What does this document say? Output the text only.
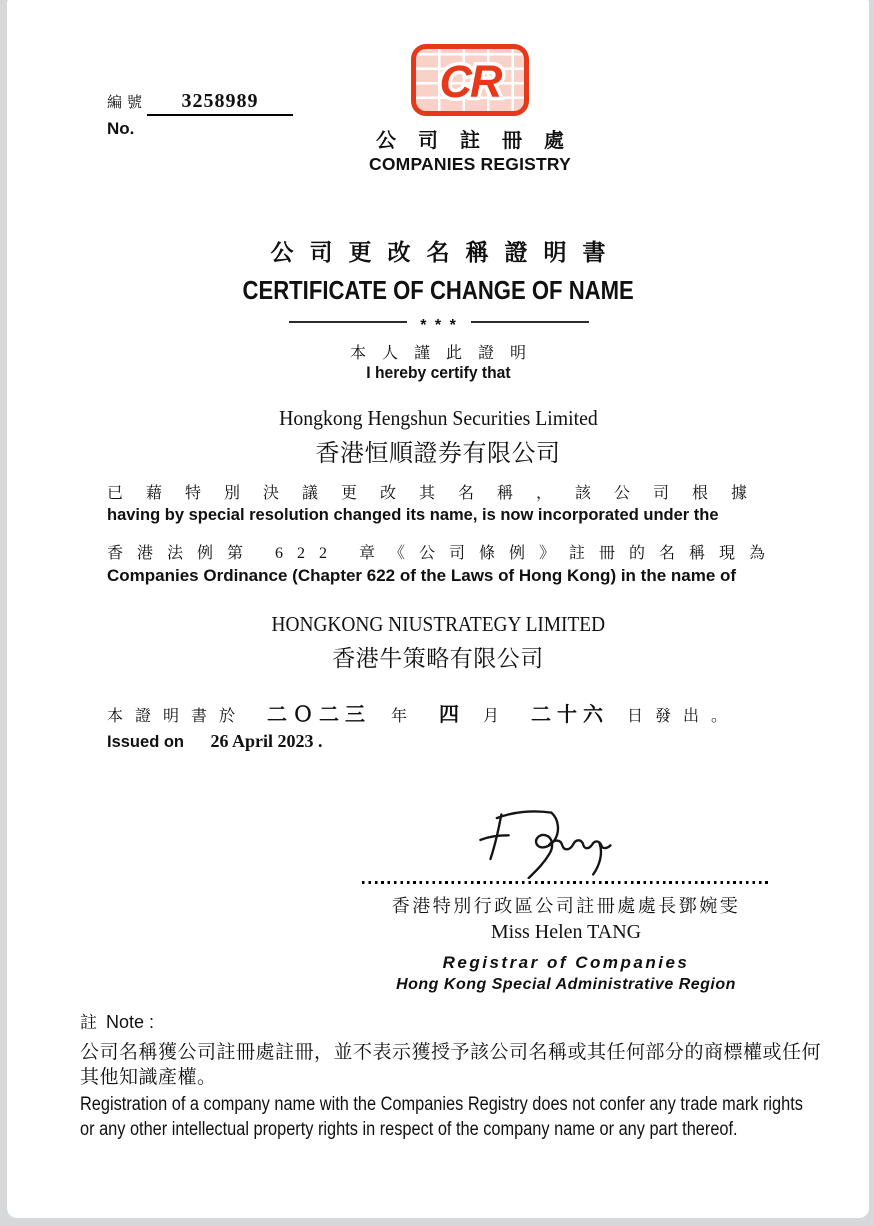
編號	3258989
No.
CR
公司註冊處
COMPANIES REGISTRY
公司更改名稱證明書
CERTIFICATE OF CHANGE OF NAME
* * *
本人謹此證明
I hereby certify that
Hongkong Hengshun Securities Limited
香港恒順證券有限公司
已藉特別決議更改其名稱，該公司根據
having by special resolution changed its name, is now incorporated under the
香港法例第 622 章《公司條例》註冊的名稱現為
Companies Ordinance (Chapter 622 of the Laws of Hong Kong) in the name of
HONGKONG NIUSTRATEGY LIMITED
香港牛策略有限公司
本證明書於 二Ｏ二三 年 四 月 二十六 日發出。
Issued on 26 April 2023 .
香港特別行政區公司註冊處處長鄧婉雯
Miss Helen TANG
Registrar of Companies
Hong Kong Special Administrative Region
註 Note :
公司名稱獲公司註冊處註冊，並不表示獲授予該公司名稱或其任何部分的商標權或任何
其他知識產權。
Registration of a company name with the Companies Registry does not confer any trade mark rights
or any other intellectual property rights in respect of the company name or any part thereof.
